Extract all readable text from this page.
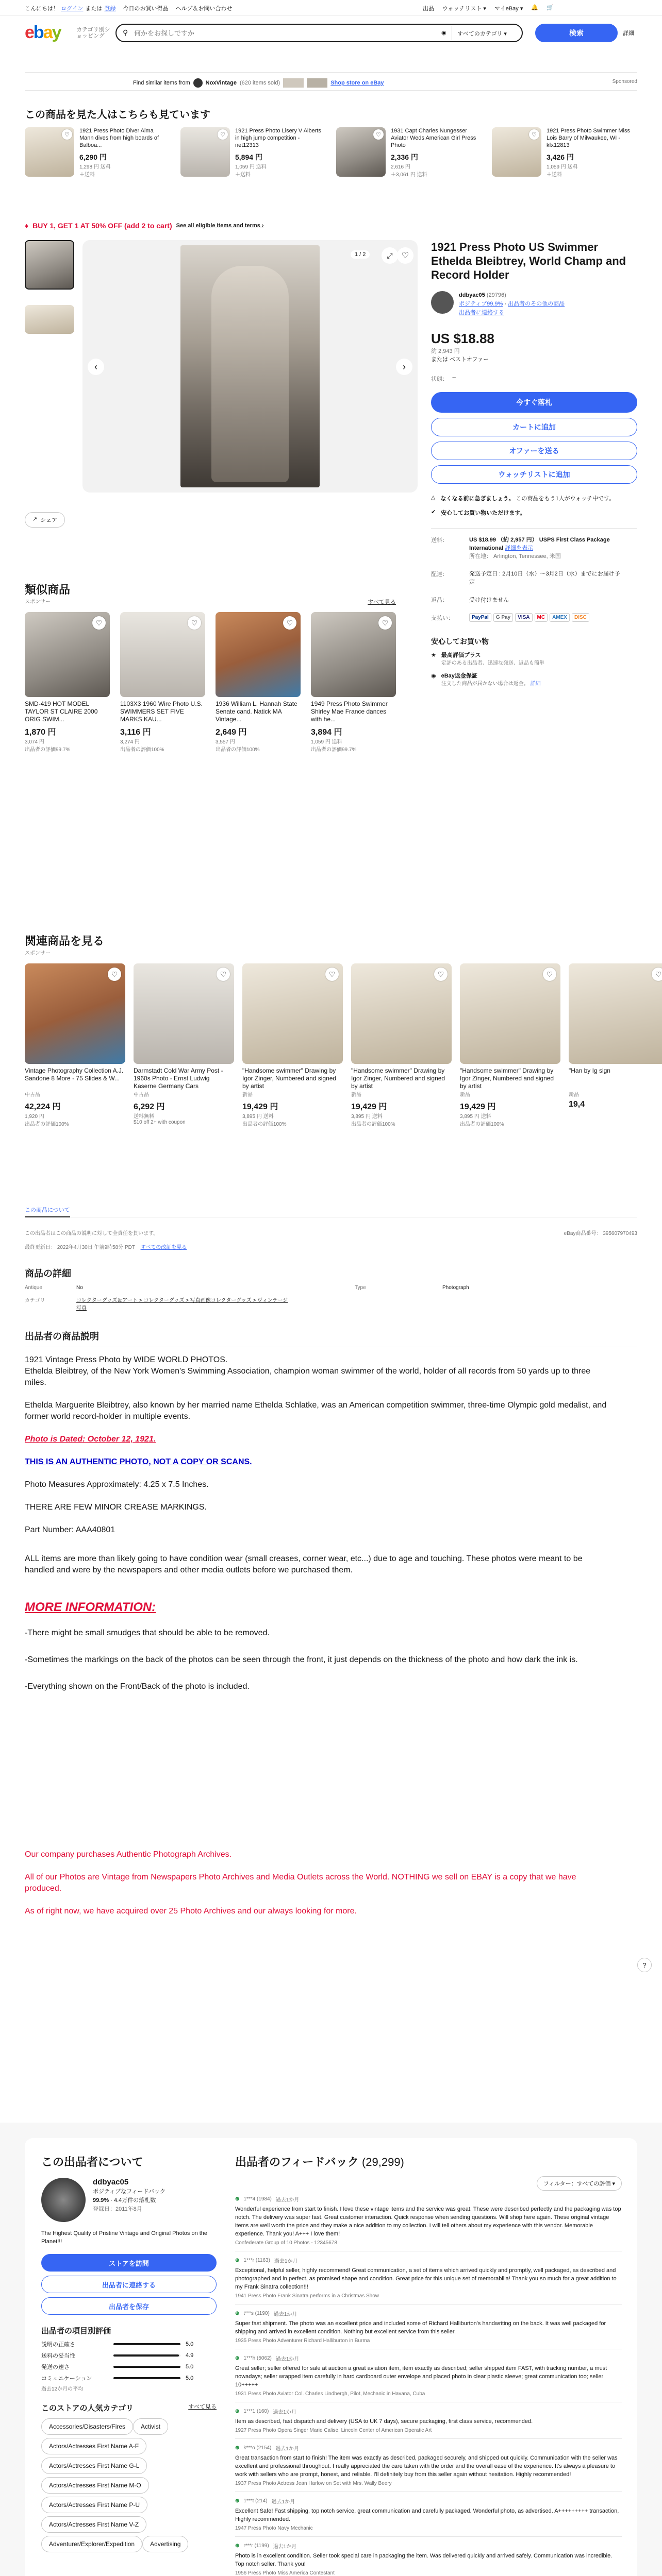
こんにちは！ ログイン または 登録 今日のお買い得品 ヘルプ＆お問い合わせ	出品 ウォッチリスト ▾ マイeBay ▾ 🔔 🛒
ebay	カテゴリ別ショッピング	⚲
何かをお探しですか	◉	すべてのカテゴリ ▾	検索	詳細
Find similar items from	NoxVintage (620 items sold)	Shop store on eBay	Sponsored
この商品を見た人はこちらも見ています
♡
1921 Press Photo Diver Alma Mann dives from high boards of Balboa...
6,290 円
1,298 円 送料
＋送料
♡
1921 Press Photo Lisery V Alberts in high jump competition - net12313
5,894 円
1,059 円 送料
＋送料
♡
1931 Capt Charles Nungesser Aviator Weds American Girl Press Photo
2,336 円
2,616 円
＋3,061 円 送料
♡
1921 Press Photo Swimmer Miss Lois Barry of Milwaukee, WI - kfx12813
3,426 円
1,059 円 送料
＋送料
♦ BUY 1, GET 1 AT 50% OFF (add 2 to cart) See all eligible items and terms ›
1 / 2	⤢	♡
‹	›
↗ シェア
1921 Press Photo US Swimmer Ethelda Bleibtrey, World Champ and Record Holder
ddbyac05 (29796)
ポジティブ99.9% · 出品者のその他の商品
出品者に連絡する
US $18.88
約 2,943 円
または ベストオファー
状態： --
今すぐ落札
カートに追加
オファーを送る
ウォッチリストに追加
△ なくなる前に急ぎましょう。 この商品をもう1人がウォッチ中です。
✔ 安心してお買い物いただけます。
送料：	US $18.99 （約 2,957 円） USPS First Class Package International 詳細を表示
所在地： Arlington, Tennessee, 米国
配達：	発送予定日 : 2月10日（水）～3月2日（水）までにお届け予定
返品：	受け付けません
支払い：	PayPal	G Pay	VISA	MC	AMEX	DISC
安心してお買い物
★ 最高評価プラス
定評のある出品者、迅速な発送、返品も簡単
◉ eBay返金保証
注文した商品が届かない場合は返金。 詳細
類似商品
スポンサー	すべて見る
♡
SMD-419 HOT MODEL TAYLOR ST CLAIRE 2000 ORIG SWIM...
1,870 円
3,074 円
出品者の評価99.7%
♡
1103X3 1960 Wire Photo U.S. SWIMMERS SET FIVE MARKS KAU...
3,116 円
3,274 円
出品者の評価100%
♡
1936 William L. Hannah State Senate cand. Natick MA Vintage...
2,649 円
3,557 円
出品者の評価100%
♡
1949 Press Photo Swimmer Shirley Mae France dances with he...
3,894 円
1,059 円 送料
出品者の評価99.7%
関連商品を見る
スポンサー
♡
Vintage Photography Collection A.J. Sandone 8 More - 75 Slides & W...
中古品
42,224 円
1,920 円
出品者の評価100%
♡
Darmstadt Cold War Army Post - 1960s Photo - Ernst Ludwig Kaserne Germany Cars
中古品
6,292 円
送料無料
$10 off 2+ with coupon
♡
"Handsome swimmer" Drawing by Igor Zinger, Numbered and signed by artist
新品
19,429 円
3,895 円 送料
出品者の評価100%
♡
"Handsome swimmer" Drawing by Igor Zinger, Numbered and signed by artist
新品
19,429 円
3,895 円 送料
出品者の評価100%
♡
"Handsome swimmer" Drawing by Igor Zinger, Numbered and signed by artist
新品
19,429 円
3,895 円 送料
出品者の評価100%
♡
"Han by Ig sign
新品
19,4
この商品について
この出品者はこの商品の説明に対して全責任を負います。	eBay商品番号： 395607970493
最終更新日： 2022年4月30日 午前9時58分 PDT すべての改訂を見る
商品の詳細
Antique	No	Type	Photograph
カテゴリ	コレクターグッズ＆アート > コレクターグッズ > 写真画像コレクターグッズ > ヴィンテージ写真
出品者の商品説明

1921 Vintage Press Photo by WIDE WORLD PHOTOS.

Ethelda Bleibtrey, of the New York Women's Swimming Association, champion woman swimmer of the world, holder of all records from 50 yards up to three miles.

Ethelda Marguerite Bleibtrey, also known by her married name Ethelda Schlatke, was an American competition swimmer, three-time Olympic gold medalist, and former world record-holder in multiple events.

Photo is Dated: October 12, 1921.

THIS IS AN AUTHENTIC PHOTO, NOT A COPY OR SCANS.

Photo Measures Approximately: 4.25 x 7.5 Inches.

THERE ARE FEW MINOR CREASE MARKINGS.

Part Number: AAA40801

ALL items are more than likely going to have condition wear (small creases, corner wear, etc...) due to age and touching. These photos were meant to be handled and were by the newspapers and other media outlets before we purchased them.

MORE INFORMATION:

-There might be small smudges that should be able to be removed.

-Sometimes the markings on the back of the photos can be seen through the front, it just depends on the thickness of the photo and how dark the ink is.

-Everything shown on the Front/Back of the photo is included.

Our company purchases Authentic Photograph Archives.

All of our Photos are Vintage from Newspapers Photo Archives and Media Outlets across the World. NOTHING we sell on EBAY is a copy that we have produced.

As of right now, we have acquired over 25 Photo Archives and our always looking for more.

?
この出品者について
ddbyac05
ポジティブなフィードバック
99.9% · 4.4万件の落札数
登録日：2011年8月

The Highest Quality of Pristine Vintage and Original Photos on the Planet!!!

ストアを訪問
出品者に連絡する
出品者を保存
出品者の項目別評価
説明の正確さ	5.0
送料の妥当性	4.9
発送の速さ	5.0
コミュニケーション	5.0
過去12か月の平均
このストアの人気カテゴリ	すべて見る
Accessories/Disasters/Fires	ActivistActors/Actresses First Name A-FActors/Actresses First Name G-LActors/Actresses First Name M-OActors/Actresses First Name P-UActors/Actresses First Name V-ZAdventurer/Explorer/Expedition	Advertising
出品者のフィードバック (29,299)
フィルター：すべての評価 ▾
⊕ 1***4 (1984) 過去1か月
Wonderful experience from start to finish. I love these vintage items and the service was great. These were described perfectly and the packaging was top notch. The delivery was super fast. Great customer interaction. Quick response when sending questions. Will shop here again. These original vintage items are well worth the price and they make a nice addition to my collection. I will tell others about my experience with this vendor. Memorable experience. Thank you! A+++ I love them!
Confederate Group of 10 Photos - 12345678
⊕ 1***r (1163) 過去1か月
Exceptional, helpful seller, highly recommend! Great communication, a set of items which arrived quickly and promptly, well packaged, as described and photographed and in perfect, as promised shape and condition. Great price for this unique set of memorabilia! Thank you so much for a great addition to my Frank Sinatra collection!!!
1941 Press Photo Frank Sinatra performs in a Christmas Show
⊕ t***s (1190) 過去1か月
Super fast shipment. The photo was an excellent price and included some of Richard Halliburton's handwriting on the back. It was well packaged for shipping and arrived in excellent condition. Nothing but excellent service from this seller.
1935 Press Photo Adventurer Richard Halliburton in Burma
⊕ 1***h (5062) 過去1か月
Great seller; seller offered for sale at auction a great aviation item, item exactly as described; seller shipped item FAST, with tracking number, a must nowadays; seller wrapped item carefully in hard cardboard outer envelope and placed photo in clear plastic sleeve; great communication too; seller 10+++++
1931 Press Photo Aviator Col. Charles Lindbergh, Pilot, Mechanic in Havana, Cuba
⊕ 1***1 (160) 過去1か月
Item as described, fast dispatch and delivery (USA to UK 7 days), secure packaging, first class service, recommended.
1927 Press Photo Opera Singer Marie Calise, Lincoln Center of American Operatic Art
⊕ k***o (2154) 過去1か月
Great transaction from start to finish! The item was exactly as described, packaged securely, and shipped out quickly. Communication with the seller was excellent and professional throughout. I really appreciated the care taken with the order and the overall ease of the experience. It's always a pleasure to work with sellers who are prompt, honest, and reliable. I'll definitely buy from this seller again without hesitation. Highly recommended!
1937 Press Photo Actress Jean Harlow on Set with Mrs. Wally Beery
⊕ 1***t (214) 過去1か月
Excellent Safe! Fast shipping, top notch service, great communication and carefully packaged. Wonderful photo, as advertised. A+++++++++ transaction, Highly recommended.
1947 Press Photo Navy Mechanic
⊕ r***r (1199) 過去1か月
Photo is in excellent condition. Seller took special care in packaging the item. Was delivered quickly and arrived safely. Communication was incredible. Top notch seller. Thank you!
1956 Press Photo Miss America Contestant
